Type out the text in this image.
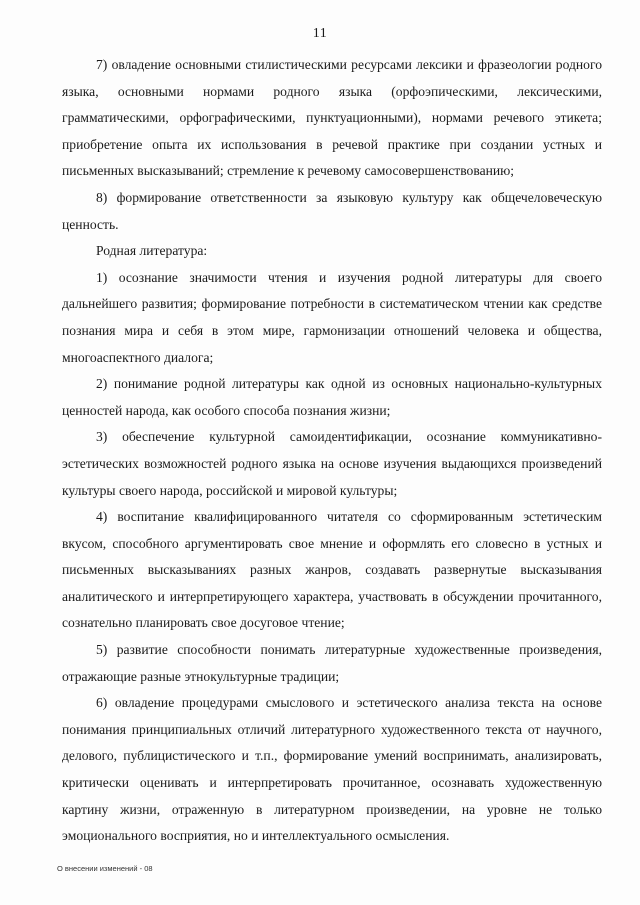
11

7) овладение основными стилистическими ресурсами лексики и фразеологии родного языка, основными нормами родного языка (орфоэпическими, лексическими, грамматическими, орфографическими, пунктуационными), нормами речевого этикета; приобретение опыта их использования в речевой практике при создании устных и письменных высказываний; стремление к речевому самосовершенствованию;

8) формирование ответственности за языковую культуру как общечеловеческую ценность.

Родная литература:

1) осознание значимости чтения и изучения родной литературы для своего дальнейшего развития; формирование потребности в систематическом чтении как средстве познания мира и себя в этом мире, гармонизации отношений человека и общества, многоаспектного диалога;

2) понимание родной литературы как одной из основных национально-культурных ценностей народа, как особого способа познания жизни;

3) обеспечение культурной самоидентификации, осознание коммуникативно-эстетических возможностей родного языка на основе изучения выдающихся произведений культуры своего народа, российской и мировой культуры;

4) воспитание квалифицированного читателя со сформированным эстетическим вкусом, способного аргументировать свое мнение и оформлять его словесно в устных и письменных высказываниях разных жанров, создавать развернутые высказывания аналитического и интерпретирующего характера, участвовать в обсуждении прочитанного, сознательно планировать свое досуговое чтение;

5) развитие способности понимать литературные художественные произведения, отражающие разные этнокультурные традиции;

6) овладение процедурами смыслового и эстетического анализа текста на основе понимания принципиальных отличий литературного художественного текста от научного, делового, публицистического и т.п., формирование умений воспринимать, анализировать, критически оценивать и интерпретировать прочитанное, осознавать художественную картину жизни, отраженную в литературном произведении, на уровне не только эмоционального восприятия, но и интеллектуального осмысления.

О внесении изменений - 08
